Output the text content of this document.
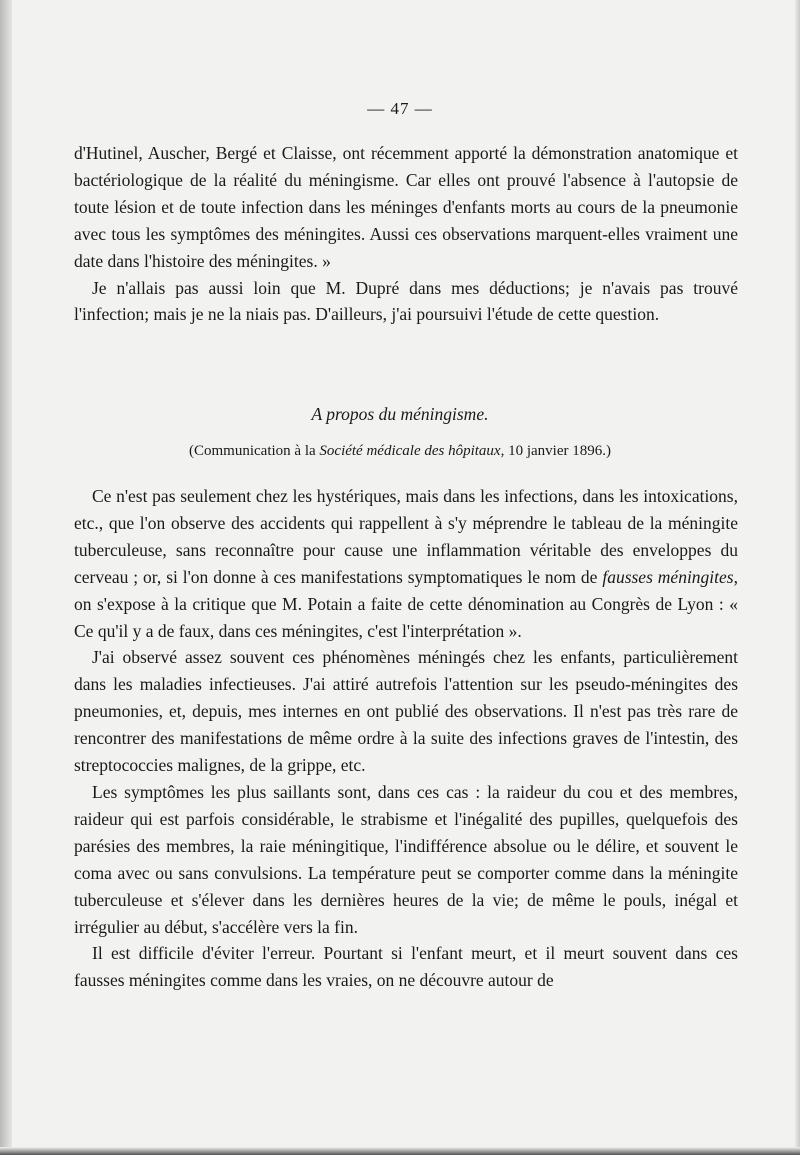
— 47 —

d'Hutinel, Auscher, Bergé et Claisse, ont récemment apporté la démonstration anatomique et bactériologique de la réalité du méningisme. Car elles ont prouvé l'absence à l'autopsie de toute lésion et de toute infection dans les méninges d'enfants morts au cours de la pneumonie avec tous les symptômes des méningites. Aussi ces observations marquent-elles vraiment une date dans l'histoire des méningites. »

Je n'allais pas aussi loin que M. Dupré dans mes déductions; je n'avais pas trouvé l'infection; mais je ne la niais pas. D'ailleurs, j'ai poursuivi l'étude de cette question.

A propos du méningisme.
(Communication à la Société médicale des hôpitaux, 10 janvier 1896.)

Ce n'est pas seulement chez les hystériques, mais dans les infections, dans les intoxications, etc., que l'on observe des accidents qui rappellent à s'y méprendre le tableau de la méningite tuberculeuse, sans reconnaître pour cause une inflammation véritable des enveloppes du cerveau ; or, si l'on donne à ces manifestations symptomatiques le nom de fausses méningites, on s'expose à la critique que M. Potain a faite de cette dénomination au Congrès de Lyon : « Ce qu'il y a de faux, dans ces méningites, c'est l'interprétation ».

J'ai observé assez souvent ces phénomènes méningés chez les enfants, particulièrement dans les maladies infectieuses. J'ai attiré autrefois l'attention sur les pseudo-méningites des pneumonies, et, depuis, mes internes en ont publié des observations. Il n'est pas très rare de rencontrer des manifestations de même ordre à la suite des infections graves de l'intestin, des streptococcies malignes, de la grippe, etc.

Les symptômes les plus saillants sont, dans ces cas : la raideur du cou et des membres, raideur qui est parfois considérable, le strabisme et l'inégalité des pupilles, quelquefois des parésies des membres, la raie méningitique, l'indifférence absolue ou le délire, et souvent le coma avec ou sans convulsions. La température peut se comporter comme dans la méningite tuberculeuse et s'élever dans les dernières heures de la vie; de même le pouls, inégal et irrégulier au début, s'accélère vers la fin.

Il est difficile d'éviter l'erreur. Pourtant si l'enfant meurt, et il meurt souvent dans ces fausses méningites comme dans les vraies, on ne découvre autour de
